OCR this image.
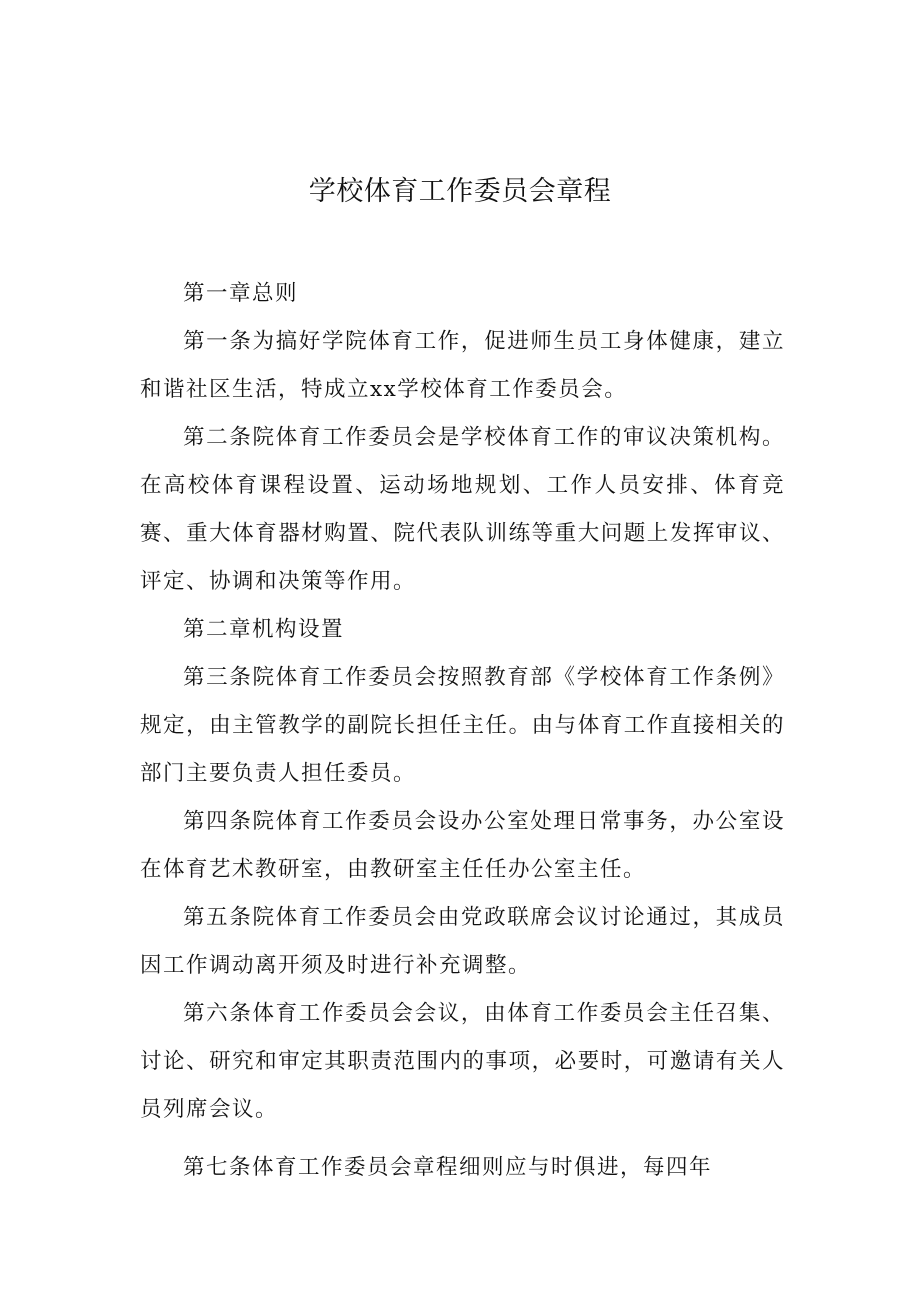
学校体育工作委员会章程

第一章总则

第一条为搞好学院体育工作，促进师生员工身体健康，建立和谐社区生活，特成立xx学校体育工作委员会。

第二条院体育工作委员会是学校体育工作的审议决策机构。在高校体育课程设置、运动场地规划、工作人员安排、体育竞赛、重大体育器材购置、院代表队训练等重大问题上发挥审议、评定、协调和决策等作用。

第二章机构设置

第三条院体育工作委员会按照教育部《学校体育工作条例》规定，由主管教学的副院长担任主任。由与体育工作直接相关的部门主要负责人担任委员。

第四条院体育工作委员会设办公室处理日常事务，办公室设在体育艺术教研室，由教研室主任任办公室主任。

第五条院体育工作委员会由党政联席会议讨论通过，其成员因工作调动离开须及时进行补充调整。

第六条体育工作委员会会议，由体育工作委员会主任召集、讨论、研究和审定其职责范围内的事项，必要时，可邀请有关人员列席会议。

第七条体育工作委员会章程细则应与时俱进，每四年
